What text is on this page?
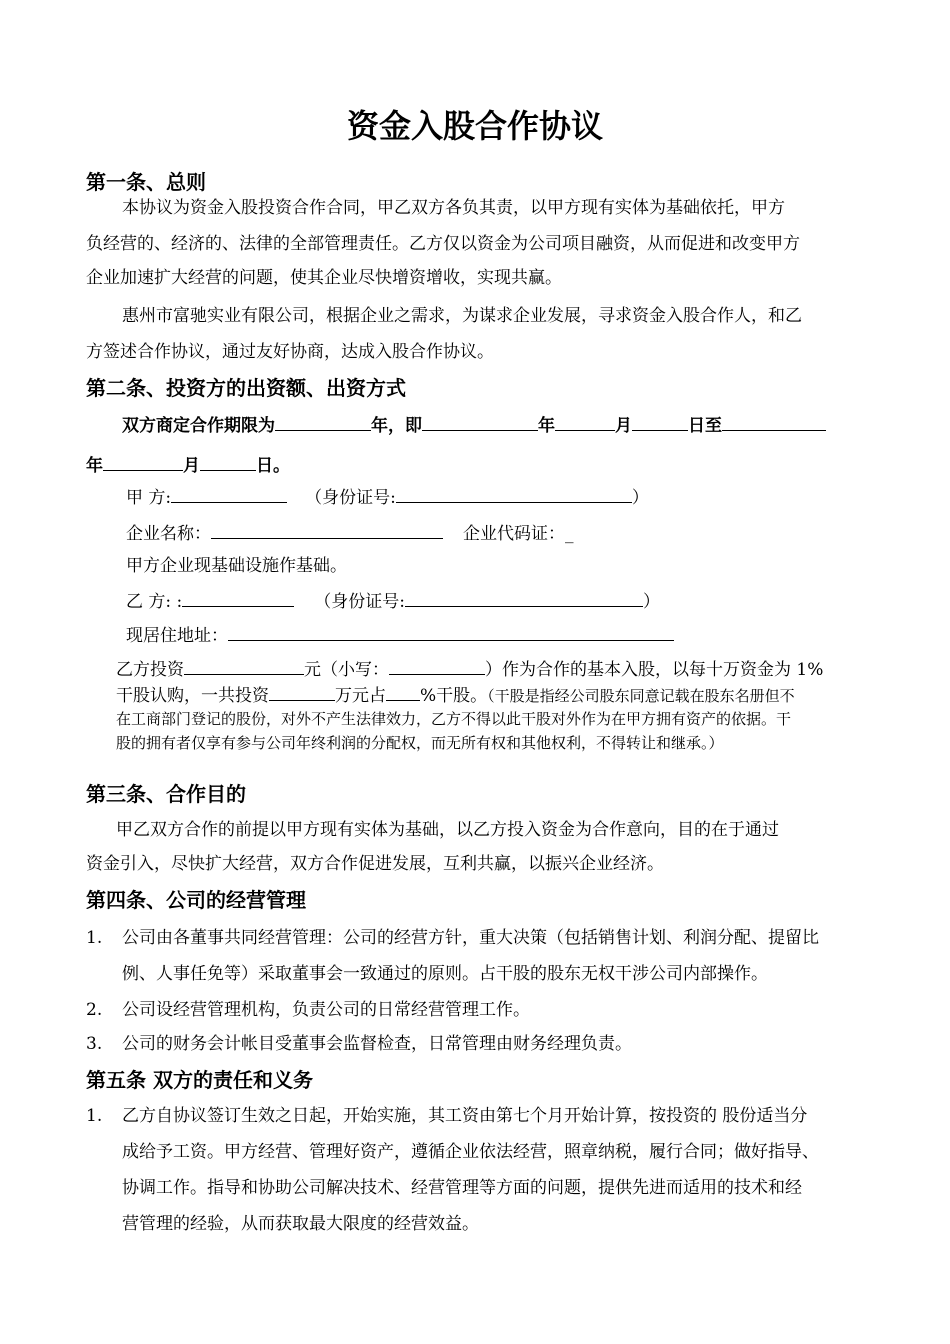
资金入股合作协议
第一条、总则
本协议为资金入股投资合作合同，甲乙双方各负其责，以甲方现有实体为基础依托，甲方
负经营的、经济的、法律的全部管理责任。乙方仅以资金为公司项目融资，从而促进和改变甲方
企业加速扩大经营的问题，使其企业尽快增资增收，实现共赢。
惠州市富驰实业有限公司，根据企业之需求，为谋求企业发展，寻求资金入股合作人，和乙
方签述合作协议，通过友好协商，达成入股合作协议。
第二条、投资方的出资额、出资方式
双方商定合作期限为	年，即	年	月	日至
年	月	日。
甲 方:	（身份证号:	）
企业名称：	企业代码证：_
甲方企业现基础设施作基础。
乙 方: :	（身份证号:	）
现居住地址：
乙方投资	元（小写：	）作为合作的基本入股，以每十万资金为 1%
干股认购，一共投资	万元占 %干股。（干股是指经公司股东同意记载在股东名册但不
在工商部门登记的股份，对外不产生法律效力，乙方不得以此干股对外作为在甲方拥有资产的依据。干
股的拥有者仅享有参与公司年终利润的分配权，而无所有权和其他权利，不得转让和继承。）
第三条、合作目的
甲乙双方合作的前提以甲方现有实体为基础，以乙方投入资金为合作意向，目的在于通过
资金引入，尽快扩大经营，双方合作促进发展，互利共赢，以振兴企业经济。
第四条、公司的经营管理
1. 公司由各董事共同经营管理：公司的经营方针，重大决策（包括销售计划、利润分配、提留比
例、人事任免等）采取董事会一致通过的原则。占干股的股东无权干涉公司内部操作。
2. 公司设经营管理机构，负责公司的日常经营管理工作。
3. 公司的财务会计帐目受董事会监督检查，日常管理由财务经理负责。
第五条 双方的责任和义务
1. 乙方自协议签订生效之日起，开始实施，其工资由第七个月开始计算，按投资的 股份适当分
成给予工资。甲方经营、管理好资产，遵循企业依法经营，照章纳税，履行合同；做好指导、
协调工作。指导和协助公司解决技术、经营管理等方面的问题，提供先进而适用的技术和经
营管理的经验，从而获取最大限度的经营效益。
